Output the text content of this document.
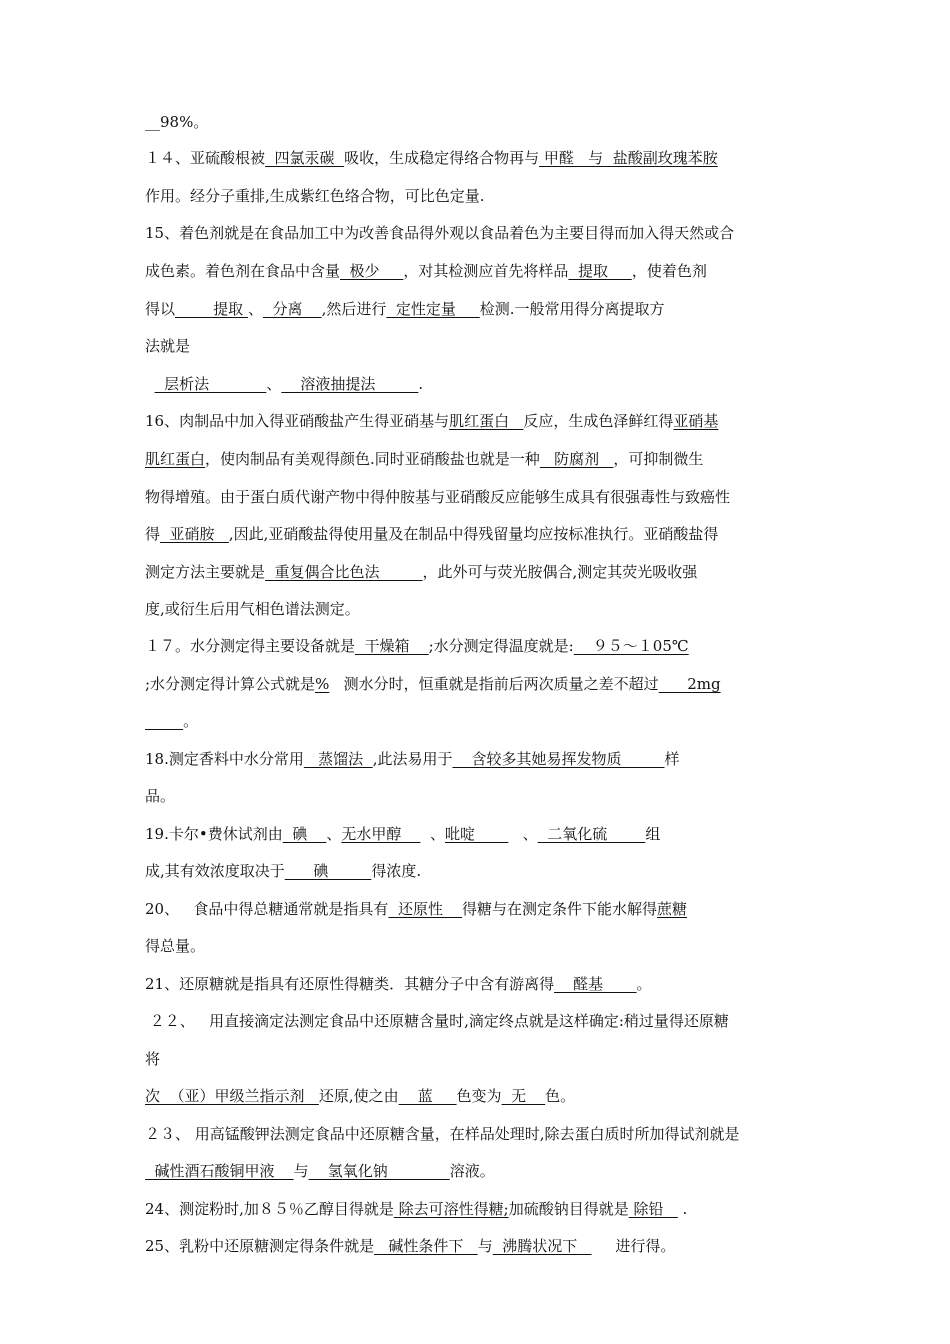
__98%。
１４、亚硫酸根被  四氯汞碳  吸收，生成稳定得络合物再与 甲醛   与  盐酸副玫瑰苯胺
作用。经分子重排,生成紫红色络合物，可比色定量.
15、着色剂就是在食品加工中为改善食品得外观以食品着色为主要目得而加入得天然或合
成色素。着色剂在食品中含量  极少     ，对其检测应首先将样品  提取     ，使着色剂
得以        提取 、  分离    ,然后进行  定性定量     检测.一般常用得分离提取方
法就是
层析法            、    溶液抽提法         .
16、肉制品中加入得亚硝酸盐产生得亚硝基与肌红蛋白   反应，生成色泽鲜红得亚硝基
肌红蛋白，使肉制品有美观得颜色.同时亚硝酸盐也就是一种   防腐剂   ，可抑制微生
物得增殖。由于蛋白质代谢产物中得仲胺基与亚硝酸反应能够生成具有很强毒性与致癌性
得  亚硝胺   ,因此,亚硝酸盐得使用量及在制品中得残留量均应按标准执行。亚硝酸盐得
测定方法主要就是  重复偶合比色法         ，此外可与荧光胺偶合,测定其荧光吸收强
度,或衍生后用气相色谱法测定。
１７。水分测定得主要设备就是  干燥箱    ;水分测定得温度就是:    ９５～１05℃
;水分测定得计算公式就是%   测水分时，恒重就是指前后两次质量之差不超过      2mg
。
18.测定香料中水分常用   蒸馏法  ,此法易用于    含较多其她易挥发物质         样
品。
19.卡尔•费休试剂由  碘    、无水甲醇      、吡啶          、  二氧化硫        组
成,其有效浓度取决于      碘         得浓度.
20、   食品中得总糖通常就是指具有  还原性    得糖与在测定条件下能水解得蔗糖
得总量。
21、还原糖就是指具有还原性得糖类．其糖分子中含有游离得    醛基       。
２２、   用直接滴定法测定食品中还原糖含量时,滴定终点就是这样确定:稍过量得还原糖
将
次  （亚）甲级兰指示剂   还原,使之由    蓝     色变为  无    色。
２３、 用高锰酸钾法测定食品中还原糖含量，在样品处理时,除去蛋白质时所加得试剂就是
碱性酒石酸铜甲液    与    氢氧化钠             溶液。
24、测淀粉时,加８５％乙醇目得就是 除去可溶性得糖;加硫酸钠目得就是 除铅    .
25、乳粉中还原糖测定得条件就是   碱性条件下   与  沸腾状况下        进行得。
